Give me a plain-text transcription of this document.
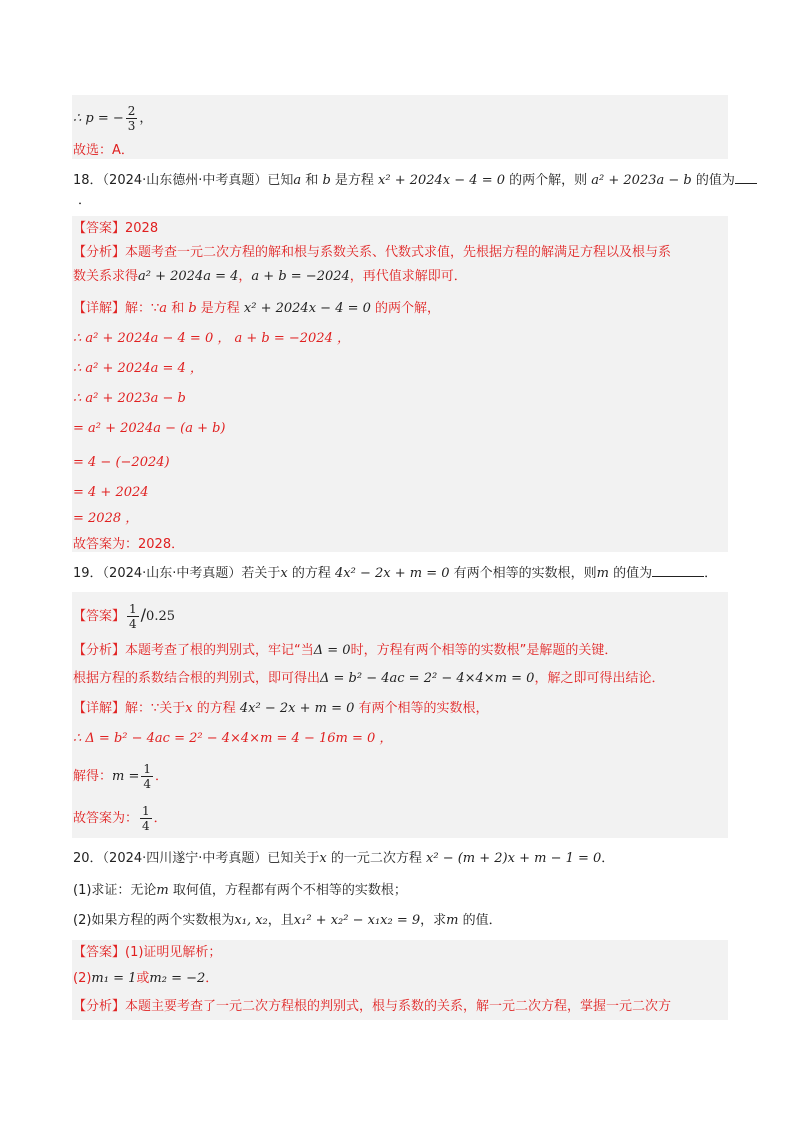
∴ p = − $\frac{2}{3}$ ，
故选：A．
18．（2024·山东德州·中考真题）已知a 和 b 是方程 x² + 2024x − 4 = 0 的两个解，则 a² + 2023a − b 的值为
．
【答案】2028
【分析】本题考查一元二次方程的解和根与系数关系、代数式求值，先根据方程的解满足方程以及根与系
数关系求得a² + 2024a = 4，a + b = −2024，再代值求解即可．
【详解】解：∵a 和 b 是方程 x² + 2024x − 4 = 0 的两个解，
∴ a² + 2024a − 4 = 0 ， a + b = −2024 ，
∴ a² + 2024a = 4 ，
∴ a² + 2023a − b
= a² + 2024a − (a + b)
= 4 − (−2024)
= 4 + 2024
= 2028 ，
故答案为：2028．
19．（2024·山东·中考真题）若关于x 的方程 4x² − 2x + m = 0 有两个相等的实数根，则m 的值为	．
【答案】 $\frac{1}{4} /0.25$
【分析】本题考查了根的判别式，牢记“当Δ = 0时，方程有两个相等的实数根”是解题的关键．
根据方程的系数结合根的判别式，即可得出Δ = b² − 4ac = 2² − 4×4×m = 0，解之即可得出结论．
【详解】解：∵关于x 的方程 4x² − 2x + m = 0 有两个相等的实数根，
∴ Δ = b² − 4ac = 2² − 4×4×m = 4 − 16m = 0 ，
解得：$m = \frac{1}{4}$ ．
故答案为： $\frac{1}{4}$ ．
20．（2024·四川遂宁·中考真题）已知关于x 的一元二次方程 x² − (m + 2)x + m − 1 = 0．
(1)求证：无论m 取何值，方程都有两个不相等的实数根；
(2)如果方程的两个实数根为x₁, x₂，且x₁² + x₂² − x₁x₂ = 9，求m 的值．
【答案】(1)证明见解析；
(2)m₁ = 1或m₂ = −2．
【分析】本题主要考查了一元二次方程根的判别式，根与系数的关系，解一元二次方程，掌握一元二次方
